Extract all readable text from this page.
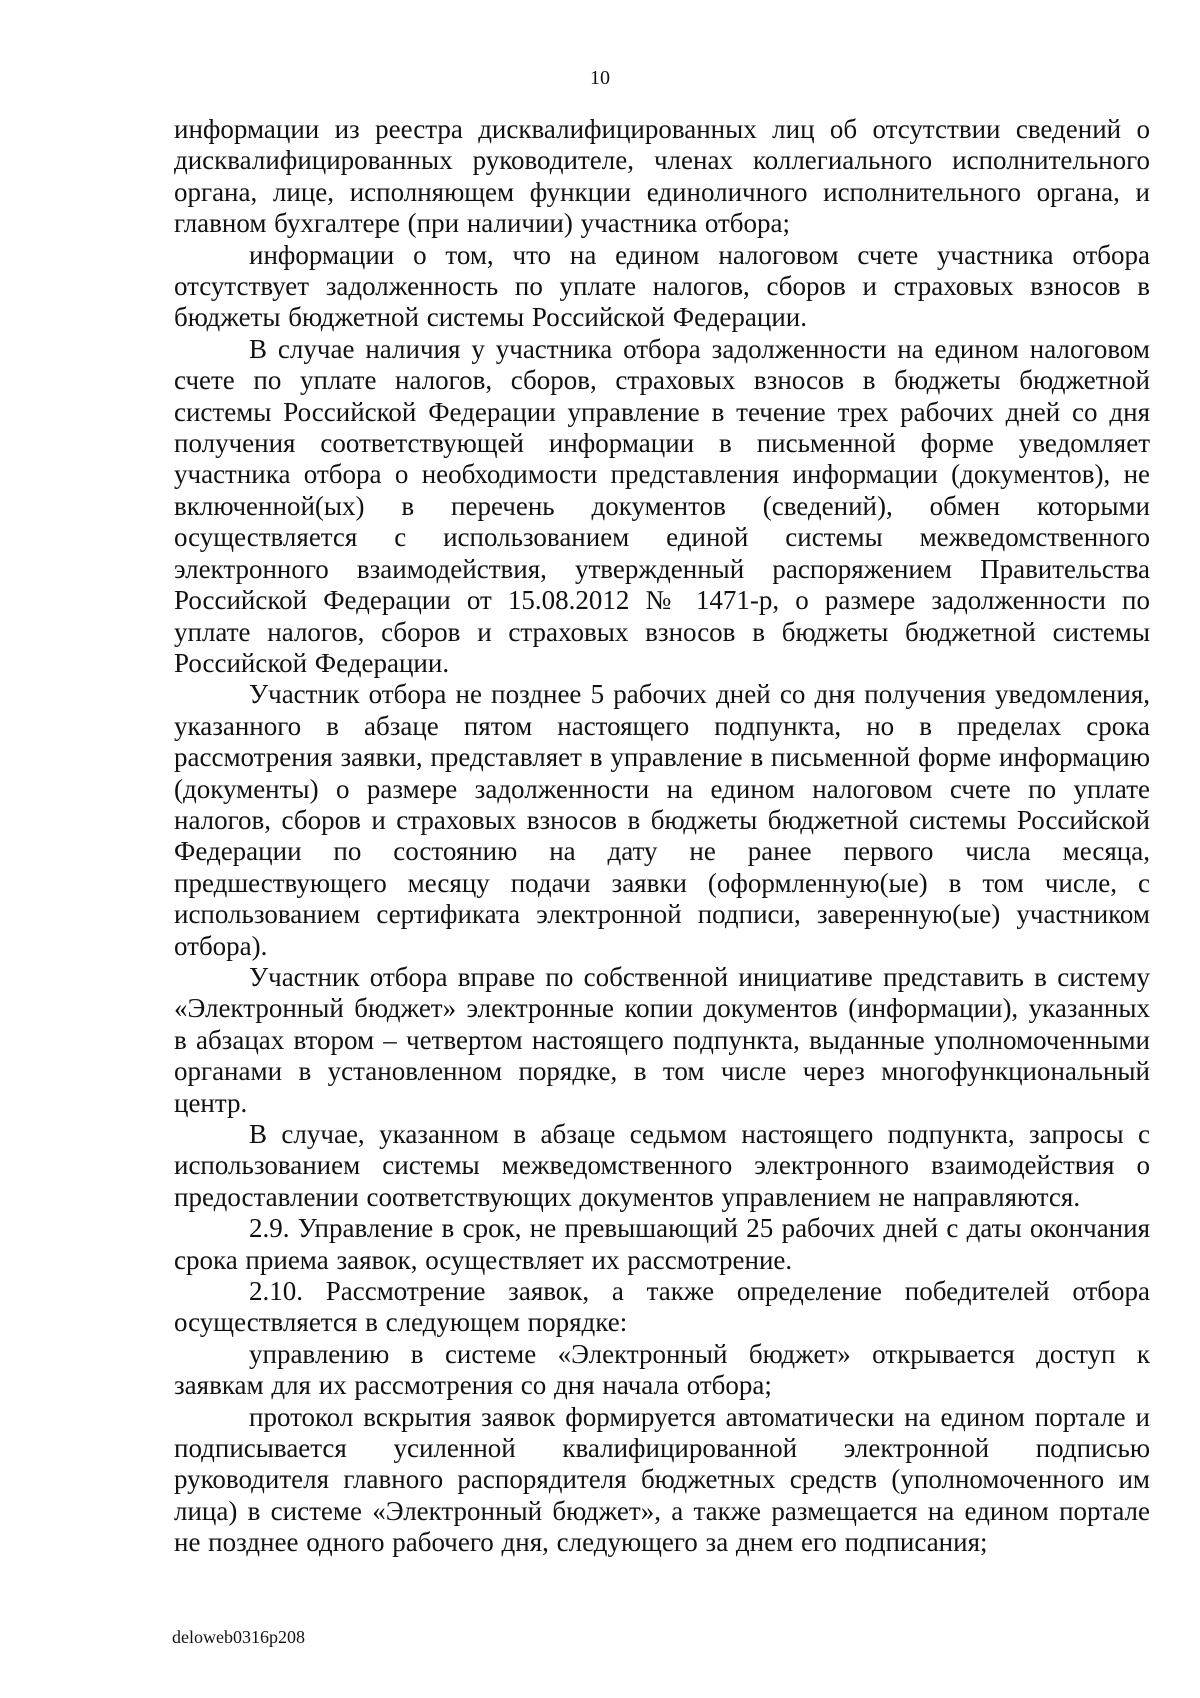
10

информации из реестра дисквалифицированных лиц об отсутствии сведений о дисквалифицированных руководителе, членах коллегиального исполнительного органа, лице, исполняющем функции единоличного исполнительного органа, и главном бухгалтере (при наличии) участника отбора;

информации о том, что на едином налоговом счете участника отбора отсутствует задолженность по уплате налогов, сборов и страховых взносов в бюджеты бюджетной системы Российской Федерации.

В случае наличия у участника отбора задолженности на едином налоговом счете по уплате налогов, сборов, страховых взносов в бюджеты бюджетной системы Российской Федерации управление в течение трех рабочих дней со дня получения соответствующей информации в письменной форме уведомляет участника отбора о необходимости представления информации (документов), не включенной(ых) в перечень документов (сведений), обмен которыми осуществляется с использованием единой системы межведомственного электронного взаимодействия, утвержденный распоряжением Правительства Российской Федерации от 15.08.2012 № 1471-р, о размере задолженности по уплате налогов, сборов и страховых взносов в бюджеты бюджетной системы Российской Федерации.

Участник отбора не позднее 5 рабочих дней со дня получения уведомления, указанного в абзаце пятом настоящего подпункта, но в пределах срока рассмотрения заявки, представляет в управление в письменной форме информацию (документы) о размере задолженности на едином налоговом счете по уплате налогов, сборов и страховых взносов в бюджеты бюджетной системы Российской Федерации по состоянию на дату не ранее первого числа месяца, предшествующего месяцу подачи заявки (оформленную(ые) в том числе, с использованием сертификата электронной подписи, заверенную(ые) участником отбора).

Участник отбора вправе по собственной инициативе представить в систему «Электронный бюджет» электронные копии документов (информации), указанных в абзацах втором – четвертом настоящего подпункта, выданные уполномоченными органами в установленном порядке, в том числе через многофункциональный центр.

В случае, указанном в абзаце седьмом настоящего подпункта, запросы с использованием системы межведомственного электронного взаимодействия о предоставлении соответствующих документов управлением не направляются.

2.9. Управление в срок, не превышающий 25 рабочих дней с даты окончания срока приема заявок, осуществляет их рассмотрение.

2.10. Рассмотрение заявок, а также определение победителей отбора осуществляется в следующем порядке:

управлению в системе «Электронный бюджет» открывается доступ к заявкам для их рассмотрения со дня начала отбора;

протокол вскрытия заявок формируется автоматически на едином портале и подписывается усиленной квалифицированной электронной подписью руководителя главного распорядителя бюджетных средств (уполномоченного им лица) в системе «Электронный бюджет», а также размещается на едином портале не позднее одного рабочего дня, следующего за днем его подписания;

deloweb0316p208
